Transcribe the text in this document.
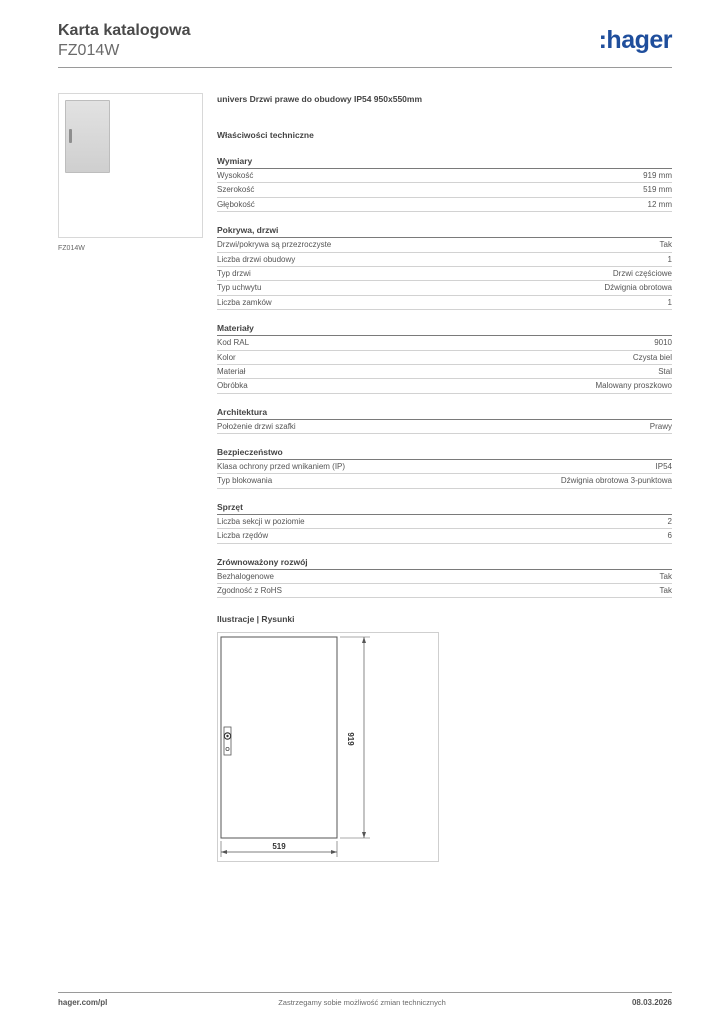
Karta katalogowa
FZ014W	:hager
FZ014W
univers Drzwi prawe do obudowy IP54 950x550mm
Właściwości techniczne
Wymiary
Wysokość	919 mm
Szerokość	519 mm
Głębokość	12 mm
Pokrywa, drzwi
Drzwi/pokrywa są przezroczyste	Tak
Liczba drzwi obudowy	1
Typ drzwi	Drzwi częściowe
Typ uchwytu	Dźwignia obrotowa
Liczba zamków	1
Materiały
Kod RAL	9010
Kolor	Czysta biel
Materiał	Stal
Obróbka	Malowany proszkowo
Architektura
Położenie drzwi szafki	Prawy
Bezpieczeństwo
Klasa ochrony przed wnikaniem (IP)	IP54
Typ blokowania	Dźwignia obrotowa 3-punktowa
Sprzęt
Liczba sekcji w poziomie	2
Liczba rzędów	6
Zrównoważony rozwój
Bezhalogenowe	Tak
Zgodność z RoHS	Tak
Ilustracje | Rysunki
919
519
hager.com/pl	Zastrzegamy sobie możliwość zmian technicznych	08.03.2026
